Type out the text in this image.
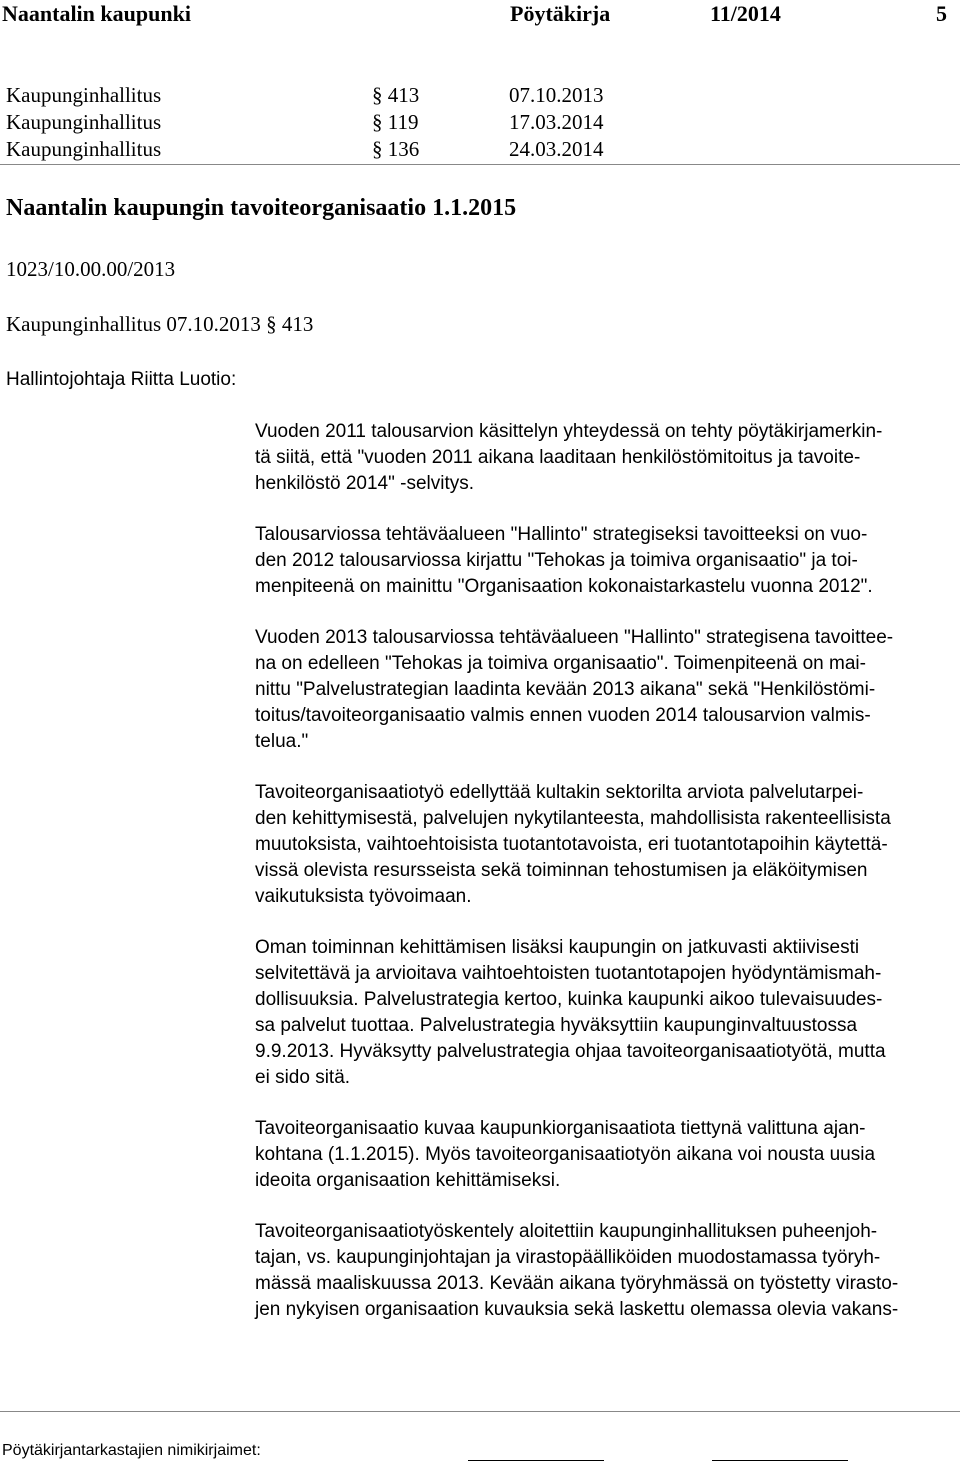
Naantalin kaupunki	Pöytäkirja	11/2014	5
Kaupunginhallitus	§ 413	07.10.2013
Kaupunginhallitus	§ 119	17.03.2014
Kaupunginhallitus	§ 136	24.03.2014
Naantalin kaupungin tavoiteorganisaatio 1.1.2015
1023/10.00.00/2013
Kaupunginhallitus 07.10.2013 § 413
Hallintojohtaja Riitta Luotio:

Vuoden 2011 talousarvion käsittelyn yhteydessä on tehty pöytäkirjamerkin-
tä siitä, että "vuoden 2011 aikana laaditaan henkilöstömitoitus ja tavoite-
henkilöstö 2014" -selvitys.

Talousarviossa tehtäväalueen "Hallinto" strategiseksi tavoitteeksi on vuo-
den 2012 talousarviossa kirjattu "Tehokas ja toimiva organisaatio" ja toi-
menpiteenä on mainittu "Organisaation kokonaistarkastelu vuonna 2012".

Vuoden 2013 talousarviossa tehtäväalueen "Hallinto" strategisena tavoittee-
na on edelleen "Tehokas ja toimiva organisaatio". Toimenpiteenä on mai-
nittu "Palvelustrategian laadinta kevään 2013 aikana" sekä "Henkilöstömi-
toitus/tavoiteorganisaatio valmis ennen vuoden 2014 talousarvion valmis-
telua."

Tavoiteorganisaatiotyö edellyttää kultakin sektorilta arviota palvelutarpei-
den kehittymisestä, palvelujen nykytilanteesta, mahdollisista rakenteellisista
muutoksista, vaihtoehtoisista tuotantotavoista, eri tuotantotapoihin käytettä-
vissä olevista resursseista sekä toiminnan tehostumisen ja eläköitymisen
vaikutuksista työvoimaan.

Oman toiminnan kehittämisen lisäksi kaupungin on jatkuvasti aktiivisesti
selvitettävä ja arvioitava vaihtoehtoisten tuotantotapojen hyödyntämismah-
dollisuuksia. Palvelustrategia kertoo, kuinka kaupunki aikoo tulevaisuudes-
sa palvelut tuottaa. Palvelustrategia hyväksyttiin kaupunginvaltuustossa
9.9.2013. Hyväksytty palvelustrategia ohjaa tavoiteorganisaatiotyötä, mutta
ei sido sitä.

Tavoiteorganisaatio kuvaa kaupunkiorganisaatiota tiettynä valittuna ajan-
kohtana (1.1.2015). Myös tavoiteorganisaatiotyön aikana voi nousta uusia
ideoita organisaation kehittämiseksi.

Tavoiteorganisaatiotyöskentely aloitettiin kaupunginhallituksen puheenjoh-
tajan, vs. kaupunginjohtajan ja virastopäälliköiden muodostamassa työryh-
mässä maaliskuussa 2013. Kevään aikana työryhmässä on työstetty virasto-
jen nykyisen organisaation kuvauksia sekä laskettu olemassa olevia vakans-

Pöytäkirjantarkastajien nimikirjaimet:
